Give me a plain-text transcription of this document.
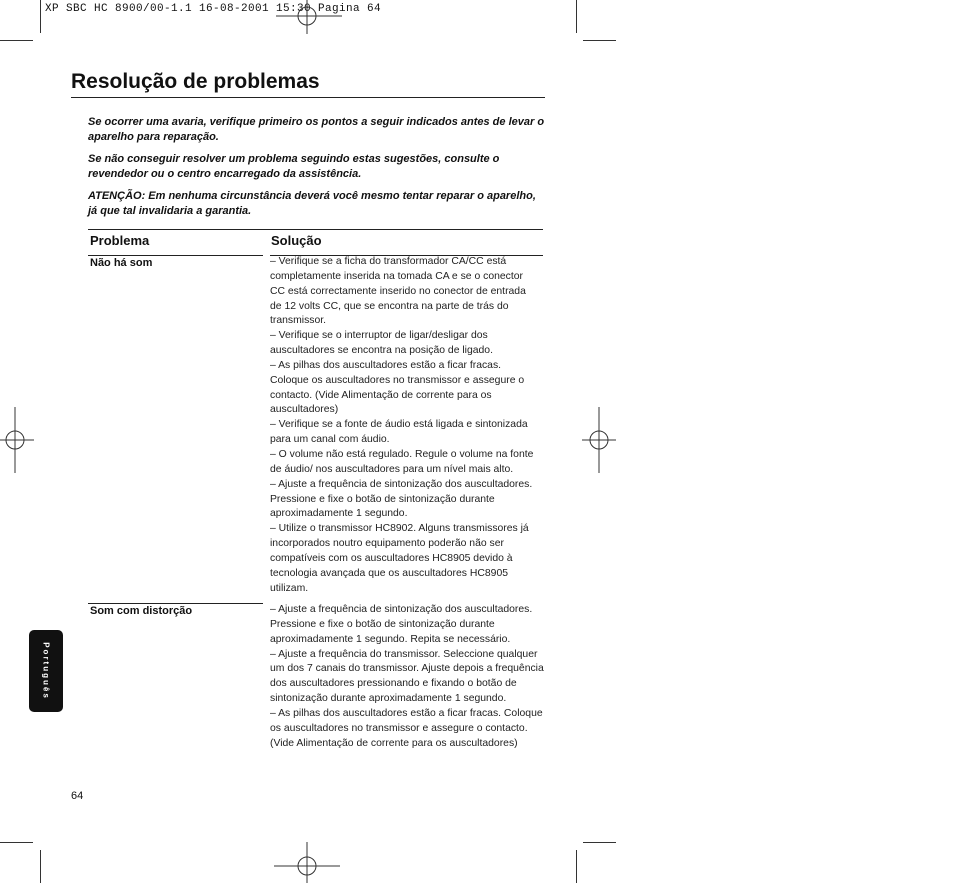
XP SBC HC 8900/00-1.1 16-08-2001 15:30 Pagina 64
Resolução de problemas

Se ocorrer uma avaria, verifique primeiro os pontos a seguir indicados antes de levar o aparelho para reparação.

Se não conseguir resolver um problema seguindo estas sugestões, consulte o revendedor ou o centro encarregado da assistência.

ATENÇÃO: Em nenhuma circunstância deverá você mesmo tentar reparar o aparelho, já que tal invalidaria a garantia.

Problema	Solução
Não há som	– Verifique se a ficha do transformador CA/CC está
completamente inserida na tomada CA e se o conector
CC está correctamente inserido no conector de entrada
de 12 volts CC, que se encontra na parte de trás do
transmissor.
– Verifique se o interruptor de ligar/desligar dos
auscultadores se encontra na posição de ligado.
– As pilhas dos auscultadores estão a ficar fracas.
Coloque os auscultadores no transmissor e assegure o
contacto. (Vide Alimentação de corrente para os
auscultadores)
– Verifique se a fonte de áudio está ligada e sintonizada
para um canal com áudio.
– O volume não está regulado. Regule o volume na fonte
de áudio/ nos auscultadores para um nível mais alto.
– Ajuste a frequência de sintonização dos auscultadores.
Pressione e fixe o botão de sintonização durante
aproximadamente 1 segundo.
– Utilize o transmissor HC8902. Alguns transmissores já
incorporados noutro equipamento poderão não ser
compatíveis com os auscultadores HC8905 devido à
tecnologia avançada que os auscultadores HC8905
utilizam.
Som com distorção	– Ajuste a frequência de sintonização dos auscultadores.
Pressione e fixe o botão de sintonização durante
aproximadamente 1 segundo. Repita se necessário.
– Ajuste a frequência do transmissor. Seleccione qualquer
um dos 7 canais do transmissor. Ajuste depois a frequência
dos auscultadores pressionando e fixando o botão de
sintonização durante aproximadamente 1 segundo.
– As pilhas dos auscultadores estão a ficar fracas. Coloque
os auscultadores no transmissor e assegure o contacto.
(Vide Alimentação de corrente para os auscultadores)
Português
64
